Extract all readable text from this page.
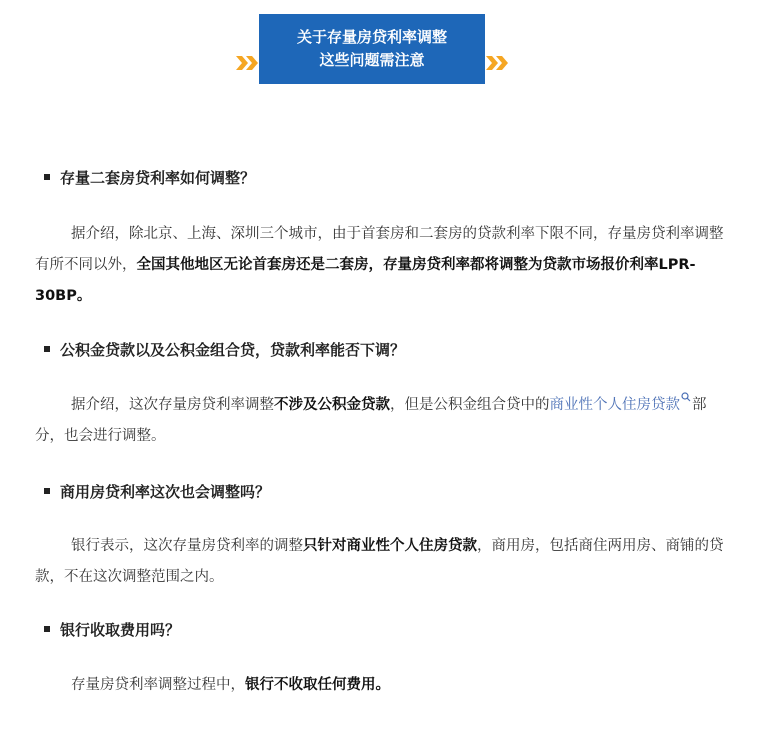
关于存量房贷利率调整
这些问题需注意
存量二套房贷利率如何调整？
据介绍，除北京、上海、深圳三个城市，由于首套房和二套房的贷款利率下限不同，存量房贷利率调整有所不同以外，全国其他地区无论首套房还是二套房，存量房贷利率都将调整为贷款市场报价利率LPR-30BP。
公积金贷款以及公积金组合贷，贷款利率能否下调？
据介绍，这次存量房贷利率调整不涉及公积金贷款，但是公积金组合贷中的商业性个人住房贷款 部分，也会进行调整。
商用房贷利率这次也会调整吗？
银行表示，这次存量房贷利率的调整只针对商业性个人住房贷款，商用房，包括商住两用房、商铺的贷款，不在这次调整范围之内。
银行收取费用吗？
存量房贷利率调整过程中，银行不收取任何费用。
